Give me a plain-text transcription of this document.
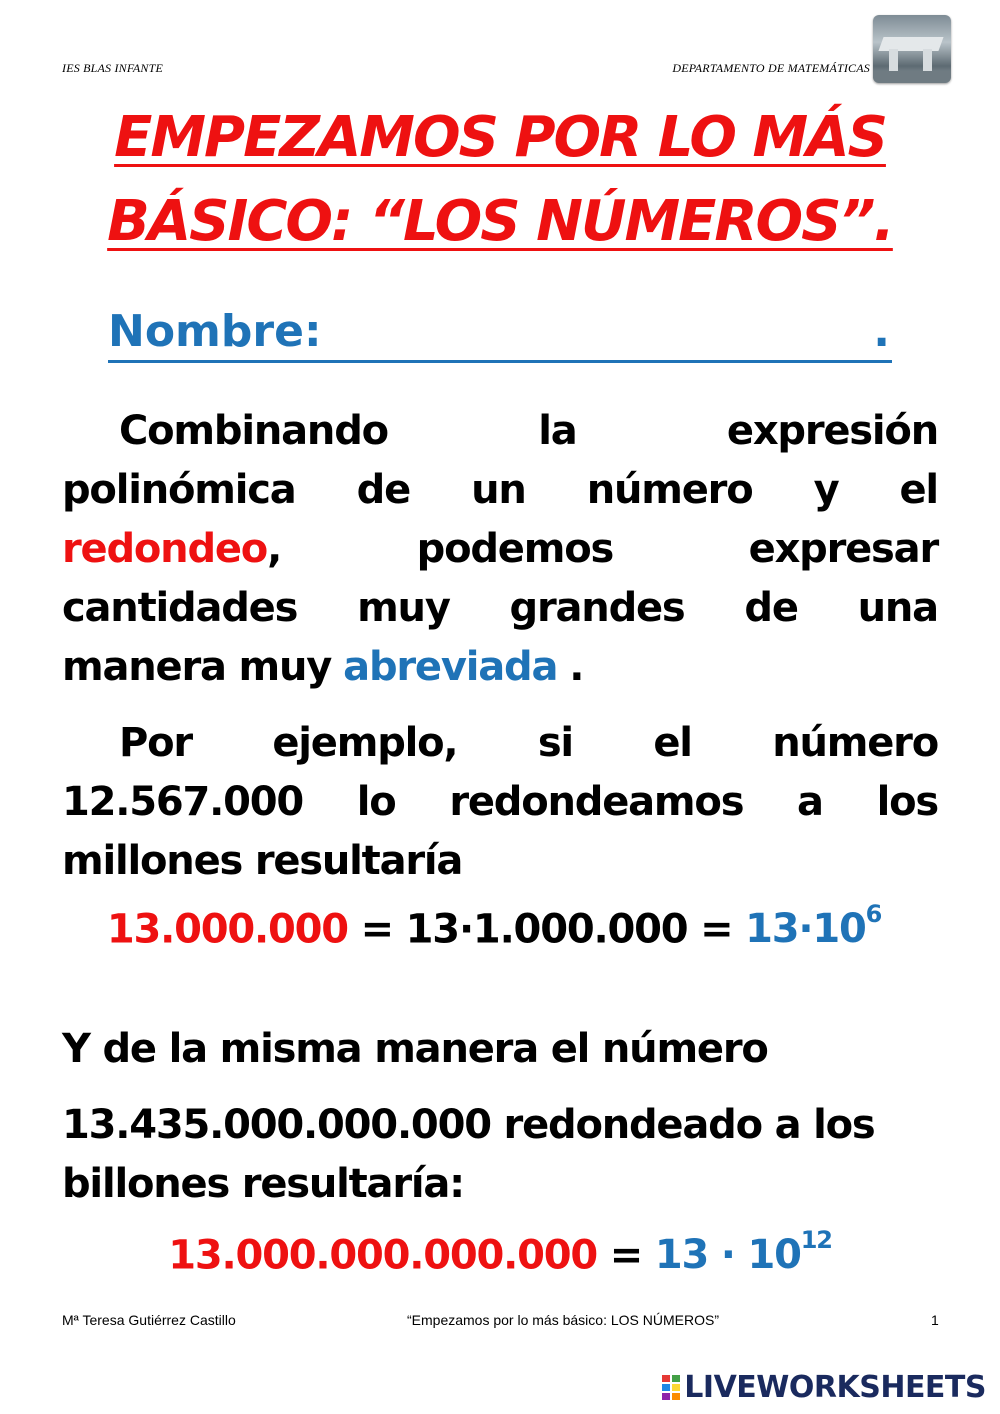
IES BLAS INFANTE	DEPARTAMENTO DE MATEMÁTICAS
EMPEZAMOS POR LO MÁS
BÁSICO: “LOS NÚMEROS”.
Nombre:	.
Combinando	la	expresión
polinómica de un número y el
redondeo,	podemos	expresar
cantidades muy grandes de una
manera muy abreviada .
Por ejemplo, si el número
12.567.000 lo redondeamos a los
millones resultaría
$13.000.000 = 13\cdot 1.000.000 = 13\cdot 10^6$
Y de la misma manera el número
13.435.000.000.000 redondeado a los
billones resultaría:
$13.000.000.000.000 = 13 \cdot 10^{12}$
Mª Teresa Gutiérrez Castillo	“Empezamos por lo más básico: LOS NÚMEROS”	1
LIVEWORKSHEETS
